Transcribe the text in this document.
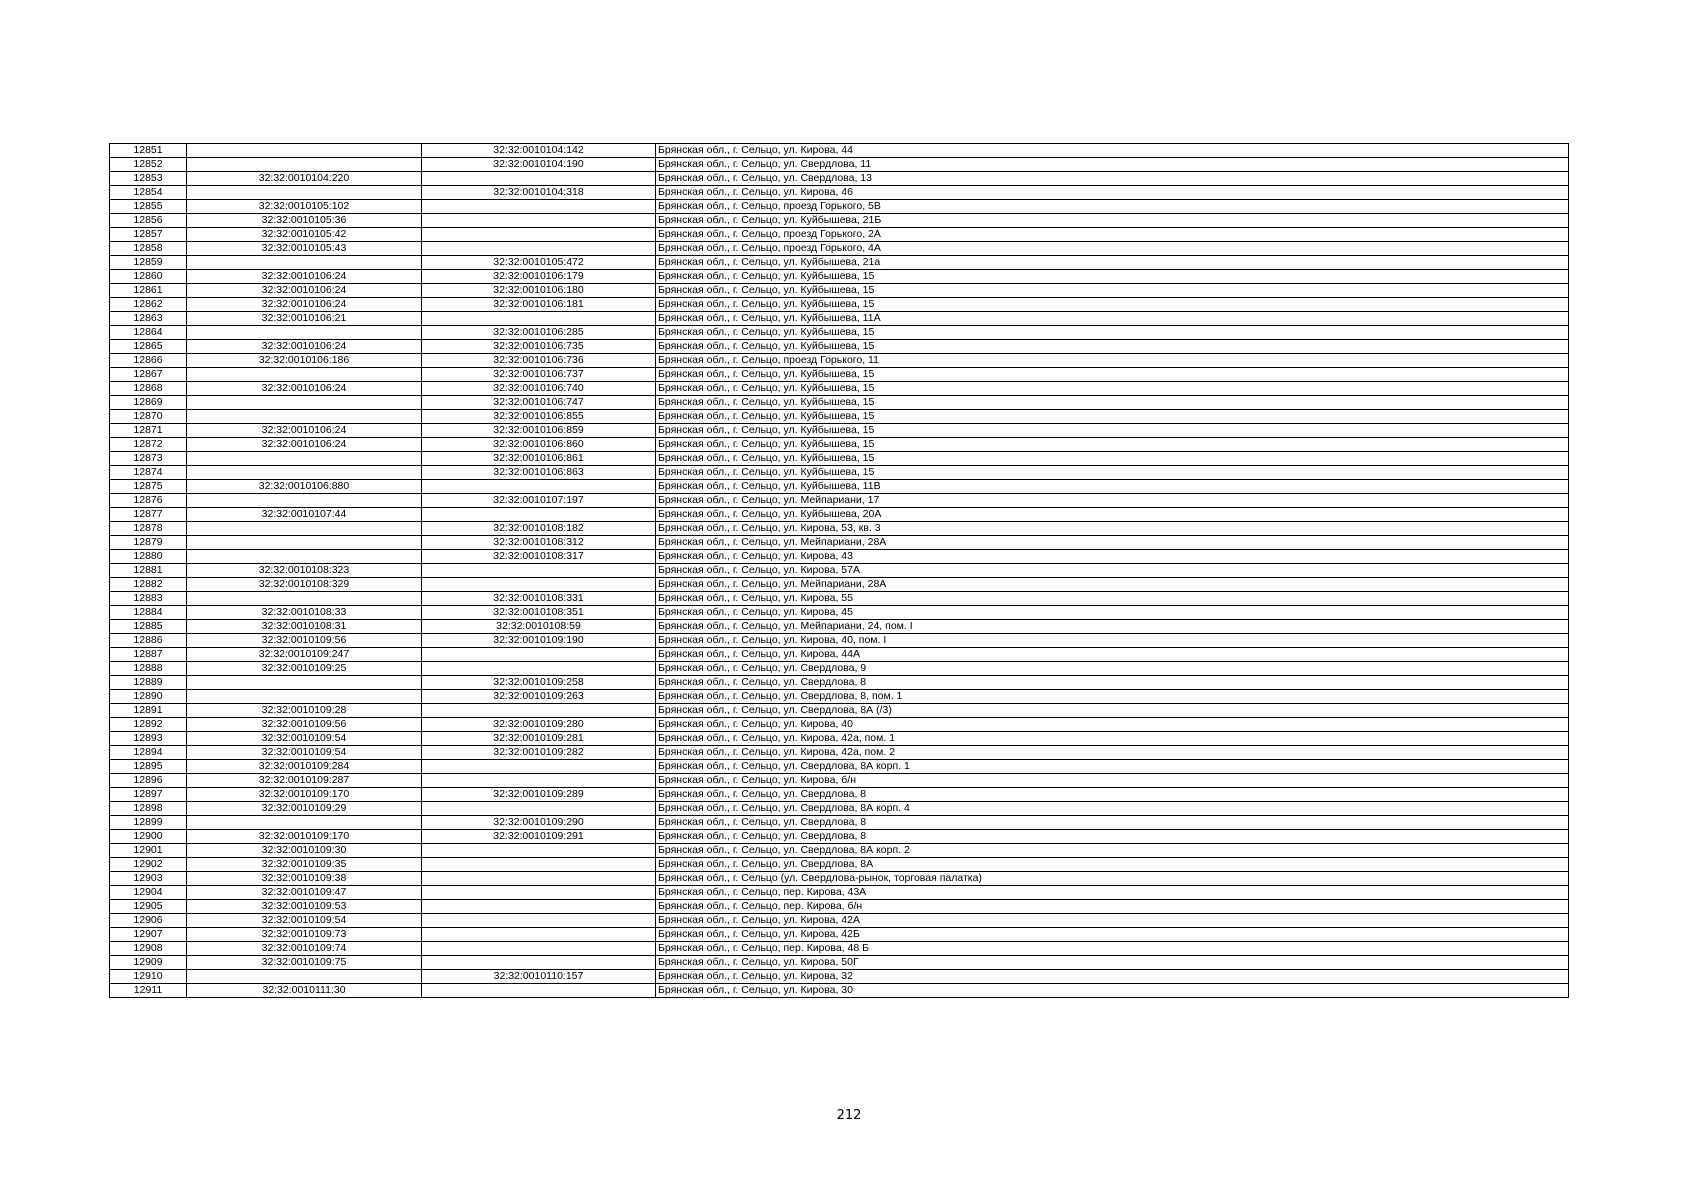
12851		32:32:0010104:142	Брянская обл., г. Сельцо, ул. Кирова, 44
12852		32:32:0010104:190	Брянская обл., г. Сельцо, ул. Свердлова, 11
12853	32:32:0010104:220		Брянская обл., г. Сельцо, ул. Свердлова, 13
12854		32:32:0010104:318	Брянская обл., г. Сельцо, ул. Кирова, 46
12855	32:32:0010105:102		Брянская обл., г. Сельцо, проезд Горького, 5В
12856	32:32:0010105:36		Брянская обл., г. Сельцо, ул. Куйбышева, 21Б
12857	32:32:0010105:42		Брянская обл., г. Сельцо, проезд Горького, 2А
12858	32:32:0010105:43		Брянская обл., г. Сельцо, проезд Горького, 4А
12859		32:32:0010105:472	Брянская обл., г. Сельцо, ул. Куйбышева, 21а
12860	32:32:0010106:24	32:32:0010106:179	Брянская обл., г. Сельцо, ул. Куйбышева, 15
12861	32:32:0010106:24	32:32:0010106:180	Брянская обл., г. Сельцо, ул. Куйбышева, 15
12862	32:32:0010106:24	32:32:0010106:181	Брянская обл., г. Сельцо, ул. Куйбышева, 15
12863	32:32:0010106:21		Брянская обл., г. Сельцо, ул. Куйбышева, 11А
12864		32:32:0010106:285	Брянская обл., г. Сельцо, ул. Куйбышева, 15
12865	32:32:0010106:24	32:32:0010106:735	Брянская обл., г. Сельцо, ул. Куйбышева, 15
12866	32:32:0010106:186	32:32:0010106:736	Брянская обл., г. Сельцо, проезд Горького, 11
12867		32:32:0010106:737	Брянская обл., г. Сельцо, ул. Куйбышева, 15
12868	32:32:0010106:24	32:32:0010106:740	Брянская обл., г. Сельцо, ул. Куйбышева, 15
12869		32:32:0010106:747	Брянская обл., г. Сельцо, ул. Куйбышева, 15
12870		32:32:0010106:855	Брянская обл., г. Сельцо, ул. Куйбышева, 15
12871	32:32:0010106:24	32:32:0010106:859	Брянская обл., г. Сельцо, ул. Куйбышева, 15
12872	32:32:0010106:24	32:32:0010106:860	Брянская обл., г. Сельцо, ул. Куйбышева, 15
12873		32:32:0010106:861	Брянская обл., г. Сельцо, ул. Куйбышева, 15
12874		32:32:0010106:863	Брянская обл., г. Сельцо, ул. Куйбышева, 15
12875	32:32:0010106:880		Брянская обл., г. Сельцо, ул. Куйбышева, 11В
12876		32:32:0010107:197	Брянская обл., г. Сельцо, ул. Мейпариани, 17
12877	32:32:0010107:44		Брянская обл., г. Сельцо, ул. Куйбышева, 20А
12878		32:32:0010108:182	Брянская обл., г. Сельцо, ул. Кирова, 53, кв. 3
12879		32:32:0010108:312	Брянская обл., г. Сельцо, ул. Мейпариани, 28А
12880		32:32:0010108:317	Брянская обл., г. Сельцо, ул. Кирова, 43
12881	32:32:0010108:323		Брянская обл., г. Сельцо, ул. Кирова, 57А
12882	32:32:0010108:329		Брянская обл., г. Сельцо, ул. Мейпариани, 28А
12883		32:32:0010108:331	Брянская обл., г. Сельцо, ул. Кирова, 55
12884	32:32:0010108:33	32:32:0010108:351	Брянская обл., г. Сельцо, ул. Кирова, 45
12885	32:32:0010108:31	32:32:0010108:59	Брянская обл., г. Сельцо, ул. Мейпариани, 24, пом. I
12886	32:32:0010109:56	32:32:0010109:190	Брянская обл., г. Сельцо, ул. Кирова, 40, пом. I
12887	32:32:0010109:247		Брянская обл., г. Сельцо, ул. Кирова, 44А
12888	32:32:0010109:25		Брянская обл., г. Сельцо, ул. Свердлова, 9
12889		32:32:0010109:258	Брянская обл., г. Сельцо, ул. Свердлова, 8
12890		32:32:0010109:263	Брянская обл., г. Сельцо, ул. Свердлова, 8, пом. 1
12891	32:32:0010109:28		Брянская обл., г. Сельцо, ул. Свердлова, 8А (/3)
12892	32:32:0010109:56	32:32:0010109:280	Брянская обл., г. Сельцо, ул. Кирова, 40
12893	32:32:0010109:54	32:32:0010109:281	Брянская обл., г. Сельцо, ул. Кирова, 42а, пом. 1
12894	32:32:0010109:54	32:32:0010109:282	Брянская обл., г. Сельцо, ул. Кирова, 42а, пом. 2
12895	32:32:0010109:284		Брянская обл., г. Сельцо, ул. Свердлова, 8А корп. 1
12896	32:32:0010109:287		Брянская обл., г. Сельцо, ул. Кирова, б/н
12897	32:32:0010109:170	32:32:0010109:289	Брянская обл., г. Сельцо, ул. Свердлова, 8
12898	32:32:0010109:29		Брянская обл., г. Сельцо, ул. Свердлова, 8А корп. 4
12899		32:32:0010109:290	Брянская обл., г. Сельцо, ул. Свердлова, 8
12900	32:32:0010109:170	32:32:0010109:291	Брянская обл., г. Сельцо, ул. Свердлова, 8
12901	32:32:0010109:30		Брянская обл., г. Сельцо, ул. Свердлова, 8А корп. 2
12902	32:32:0010109:35		Брянская обл., г. Сельцо, ул. Свердлова, 8А
12903	32:32:0010109:38		Брянская обл., г. Сельцо (ул. Свердлова-рынок, торговая палатка)
12904	32:32:0010109:47		Брянская обл., г. Сельцо, пер. Кирова, 43А
12905	32:32:0010109:53		Брянская обл., г. Сельцо, пер. Кирова, б/н
12906	32:32:0010109:54		Брянская обл., г. Сельцо, ул. Кирова, 42А
12907	32:32:0010109:73		Брянская обл., г. Сельцо, ул. Кирова, 42Б
12908	32:32:0010109:74		Брянская обл., г. Сельцо, пер. Кирова, 48 Б
12909	32:32:0010109:75		Брянская обл., г. Сельцо, ул. Кирова, 50Г
12910		32:32:0010110:157	Брянская обл., г. Сельцо, ул. Кирова, 32
12911	32:32:0010111:30		Брянская обл., г. Сельцо, ул. Кирова, 30
212
